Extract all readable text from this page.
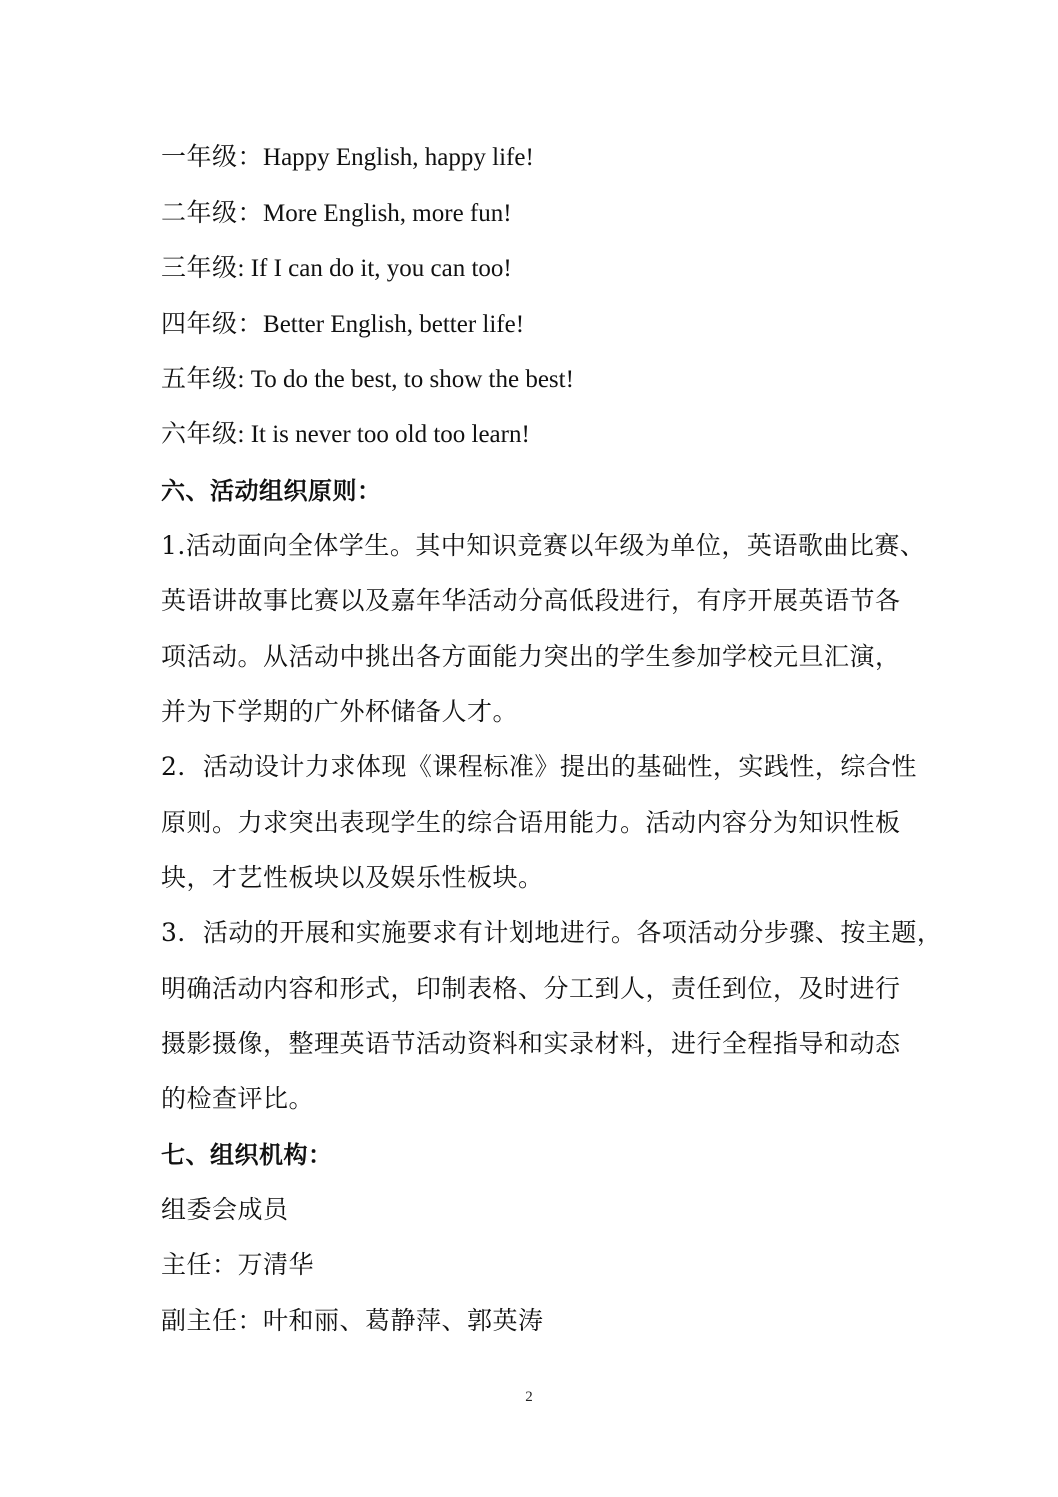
一年级：Happy English, happy life!

二年级：More English, more fun!

三年级: If I can do it, you can too!

四年级：Better English, better life!

五年级: To do the best, to show the best!

六年级: It is never too old too learn!

六、活动组织原则：

1.活动面向全体学生。其中知识竞赛以年级为单位，英语歌曲比赛、

英语讲故事比赛以及嘉年华活动分高低段进行，有序开展英语节各

项活动。从活动中挑出各方面能力突出的学生参加学校元旦汇演，

并为下学期的广外杯储备人才。

2．活动设计力求体现《课程标准》提出的基础性，实践性，综合性

原则。力求突出表现学生的综合语用能力。活动内容分为知识性板

块，才艺性板块以及娱乐性板块。

3．活动的开展和实施要求有计划地进行。各项活动分步骤、按主题，

明确活动内容和形式，印制表格、分工到人，责任到位，及时进行

摄影摄像，整理英语节活动资料和实录材料，进行全程指导和动态

的检查评比。

七、组织机构：

组委会成员

主任：万清华

副主任：叶和丽、葛静萍、郭英涛

2
